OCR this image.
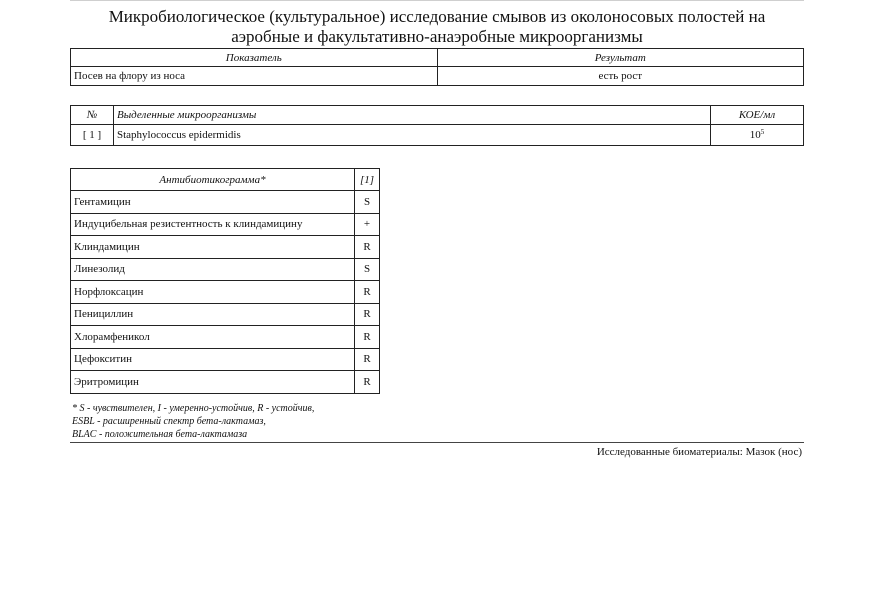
Микробиологическое (культуральное) исследование смывов из околоносовых полостей на
аэробные и факультативно-анаэробные микроорганизмы
Показатель	Результат
Посев на флору из носа	есть рост
№	Выделенные микроорганизмы	КОЕ/мл
[ 1 ]	Staphylococcus epidermidis	$10^5$
Антибиотикограмма*	[1]
Гентамицин	S
Индуцибельная резистентность к клиндамицину	+
Клиндамицин	R
Линезолид	S
Норфлоксацин	R
Пенициллин	R
Хлорамфеникол	R
Цефокситин	R
Эритромицин	R
* S - чувствителен, I - умеренно-устойчив, R - устойчив,
ESBL - расширенный спектр бета-лактамаз,
BLAC - положительная бета-лактамаза
Исследованные биоматериалы: Мазок (нос)
